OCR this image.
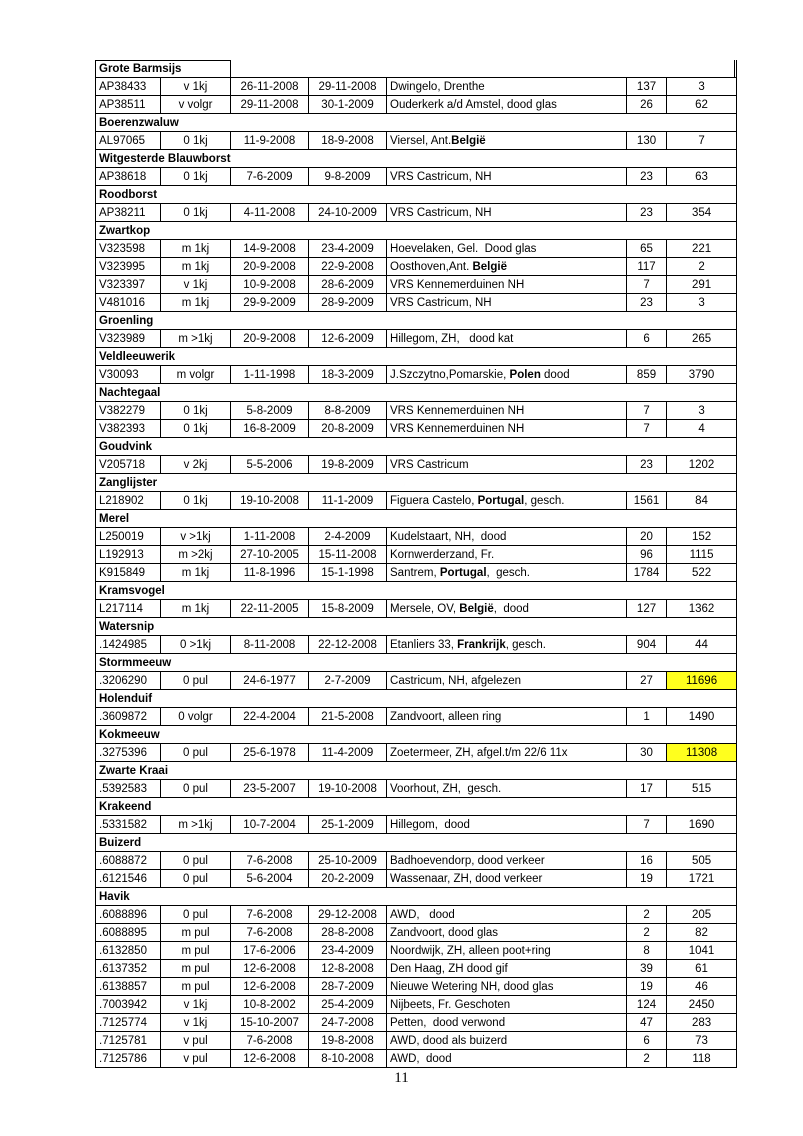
Grote Barmsijs						
AP38433	v 1kj	26-11-2008	29-11-2008	Dwingelo, Drenthe	137	3
AP38511	v volgr	29-11-2008	30-1-2009	Ouderkerk a/d Amstel, dood glas	26	62
Boerenzwaluw						
AL97065	0 1kj	11-9-2008	18-9-2008	Viersel, Ant.België	130	7
Witgesterde Blauwborst						
AP38618	0 1kj	7-6-2009	9-8-2009	VRS Castricum, NH	23	63
Roodborst						
AP38211	0 1kj	4-11-2008	24-10-2009	VRS Castricum, NH	23	354
Zwartkop						
V323598	m 1kj	14-9-2008	23-4-2009	Hoevelaken, Gel.  Dood glas	65	221
V323995	m 1kj	20-9-2008	22-9-2008	Oosthoven,Ant. België	117	2
V323397	v 1kj	10-9-2008	28-6-2009	VRS Kennemerduinen NH	7	291
V481016	m 1kj	29-9-2009	28-9-2009	VRS Castricum, NH	23	3
Groenling						
V323989	m >1kj	20-9-2008	12-6-2009	Hillegom, ZH,   dood kat	6	265
Veldleeuwerik						
V30093	m volgr	1-11-1998	18-3-2009	J.Szczytno,Pomarskie, Polen dood	859	3790
Nachtegaal						
V382279	0 1kj	5-8-2009	8-8-2009	VRS Kennemerduinen NH	7	3
V382393	0 1kj	16-8-2009	20-8-2009	VRS Kennemerduinen NH	7	4
Goudvink						
V205718	v 2kj	5-5-2006	19-8-2009	VRS Castricum	23	1202
Zanglijster						
L218902	0 1kj	19-10-2008	11-1-2009	Figuera Castelo, Portugal, gesch.	1561	84
Merel						
L250019	v >1kj	1-11-2008	2-4-2009	Kudelstaart, NH,  dood	20	152
L192913	m >2kj	27-10-2005	15-11-2008	Kornwerderzand, Fr.	96	1115
K915849	m 1kj	11-8-1996	15-1-1998	Santrem, Portugal,  gesch.	1784	522
Kramsvogel						
L217114	m 1kj	22-11-2005	15-8-2009	Mersele, OV, België,  dood	127	1362
Watersnip						
.1424985	0 >1kj	8-11-2008	22-12-2008	Etanliers 33, Frankrijk, gesch.	904	44
Stormmeeuw						
.3206290	0 pul	24-6-1977	2-7-2009	Castricum, NH, afgelezen	27	11696
Holenduif						
.3609872	0 volgr	22-4-2004	21-5-2008	Zandvoort, alleen ring	1	1490
Kokmeeuw						
.3275396	0 pul	25-6-1978	11-4-2009	Zoetermeer, ZH, afgel.t/m 22/6 11x	30	11308
Zwarte Kraai						
.5392583	0 pul	23-5-2007	19-10-2008	Voorhout, ZH,  gesch.	17	515
Krakeend						
.5331582	m >1kj	10-7-2004	25-1-2009	Hillegom,  dood	7	1690
Buizerd						
.6088872	0 pul	7-6-2008	25-10-2009	Badhoevendorp, dood verkeer	16	505
.6121546	0 pul	5-6-2004	20-2-2009	Wassenaar, ZH, dood verkeer	19	1721
Havik						
.6088896	0 pul	7-6-2008	29-12-2008	AWD,   dood	2	205
.6088895	m pul	7-6-2008	28-8-2008	Zandvoort, dood glas	2	82
.6132850	m pul	17-6-2006	23-4-2009	Noordwijk, ZH, alleen poot+ring	8	1041
.6137352	m pul	12-6-2008	12-8-2008	Den Haag, ZH dood gif	39	61
.6138857	m pul	12-6-2008	28-7-2009	Nieuwe Wetering NH, dood glas	19	46
.7003942	v 1kj	10-8-2002	25-4-2009	Nijbeets, Fr. Geschoten	124	2450
.7125774	v 1kj	15-10-2007	24-7-2008	Petten,  dood verwond	47	283
.7125781	v pul	7-6-2008	19-8-2008	AWD, dood als buizerd	6	73
.7125786	v pul	12-6-2008	8-10-2008	AWD,  dood	2	118
11
